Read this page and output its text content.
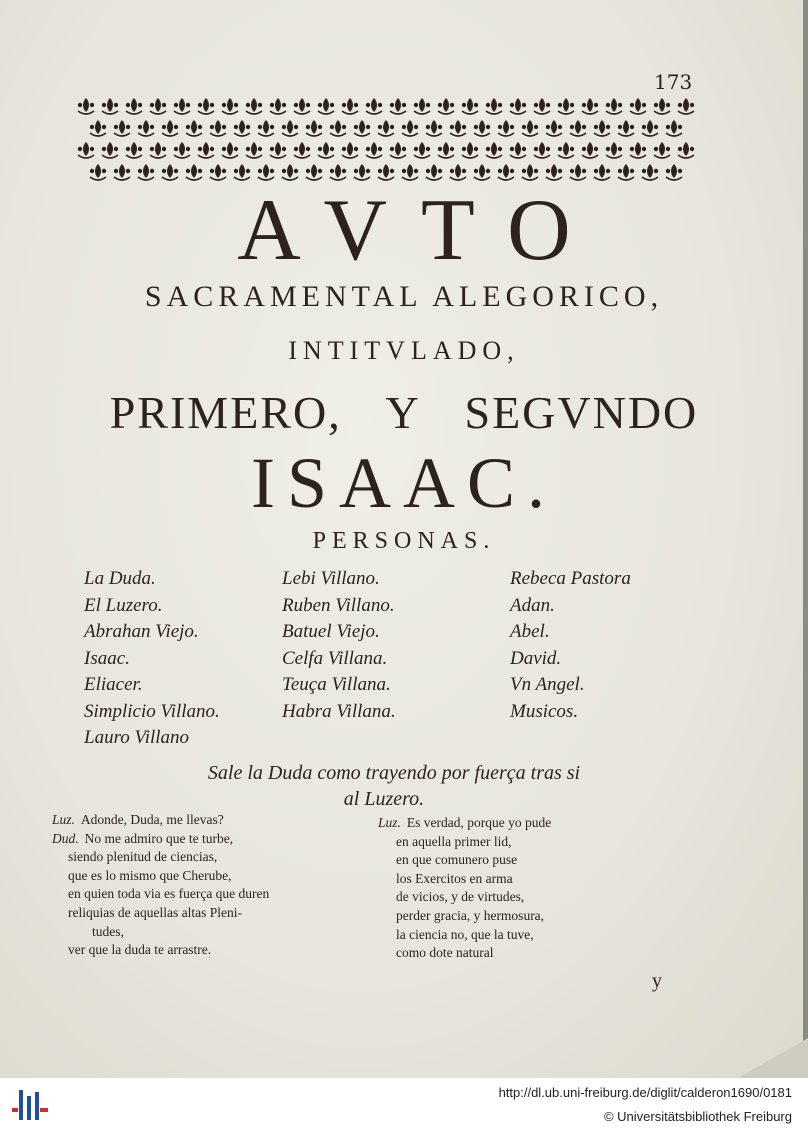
173
AVTO
SACRAMENTAL ALEGORICO,
INTITVLADO,
PRIMERO, Y SEGVNDO
ISAAC.
PERSONAS.
La Duda.
El Luzero.
Abrahan Viejo.
Isaac.
Eliacer.
Simplicio Villano.
Lauro Villano
Lebi Villano.
Ruben Villano.
Batuel Viejo.
Celfa Villana.
Teuça Villana.
Habra Villana.
Rebeca Pastora
Adan.
Abel.
David.
Vn Angel.
Musicos.
Sale la Duda como trayendo por fuerça tras si
al Luzero.
Luz. Adonde, Duda, me llevas?
Dud. No me admiro que te turbe,
siendo plenitud de ciencias,
que es lo mismo que Cherube,
en quien toda via es fuerça que duren
reliquias de aquellas altas Pleni-
tudes,
ver que la duda te arrastre.
Luz. Es verdad, porque yo pude
en aquella primer lid,
en que comunero puse
los Exercitos en arma
de vicios, y de virtudes,
perder gracia, y hermosura,
la ciencia no, que la tuve,
como dote natural
y
http://dl.ub.uni-freiburg.de/diglit/calderon1690/0181
© Universitätsbibliothek Freiburg
